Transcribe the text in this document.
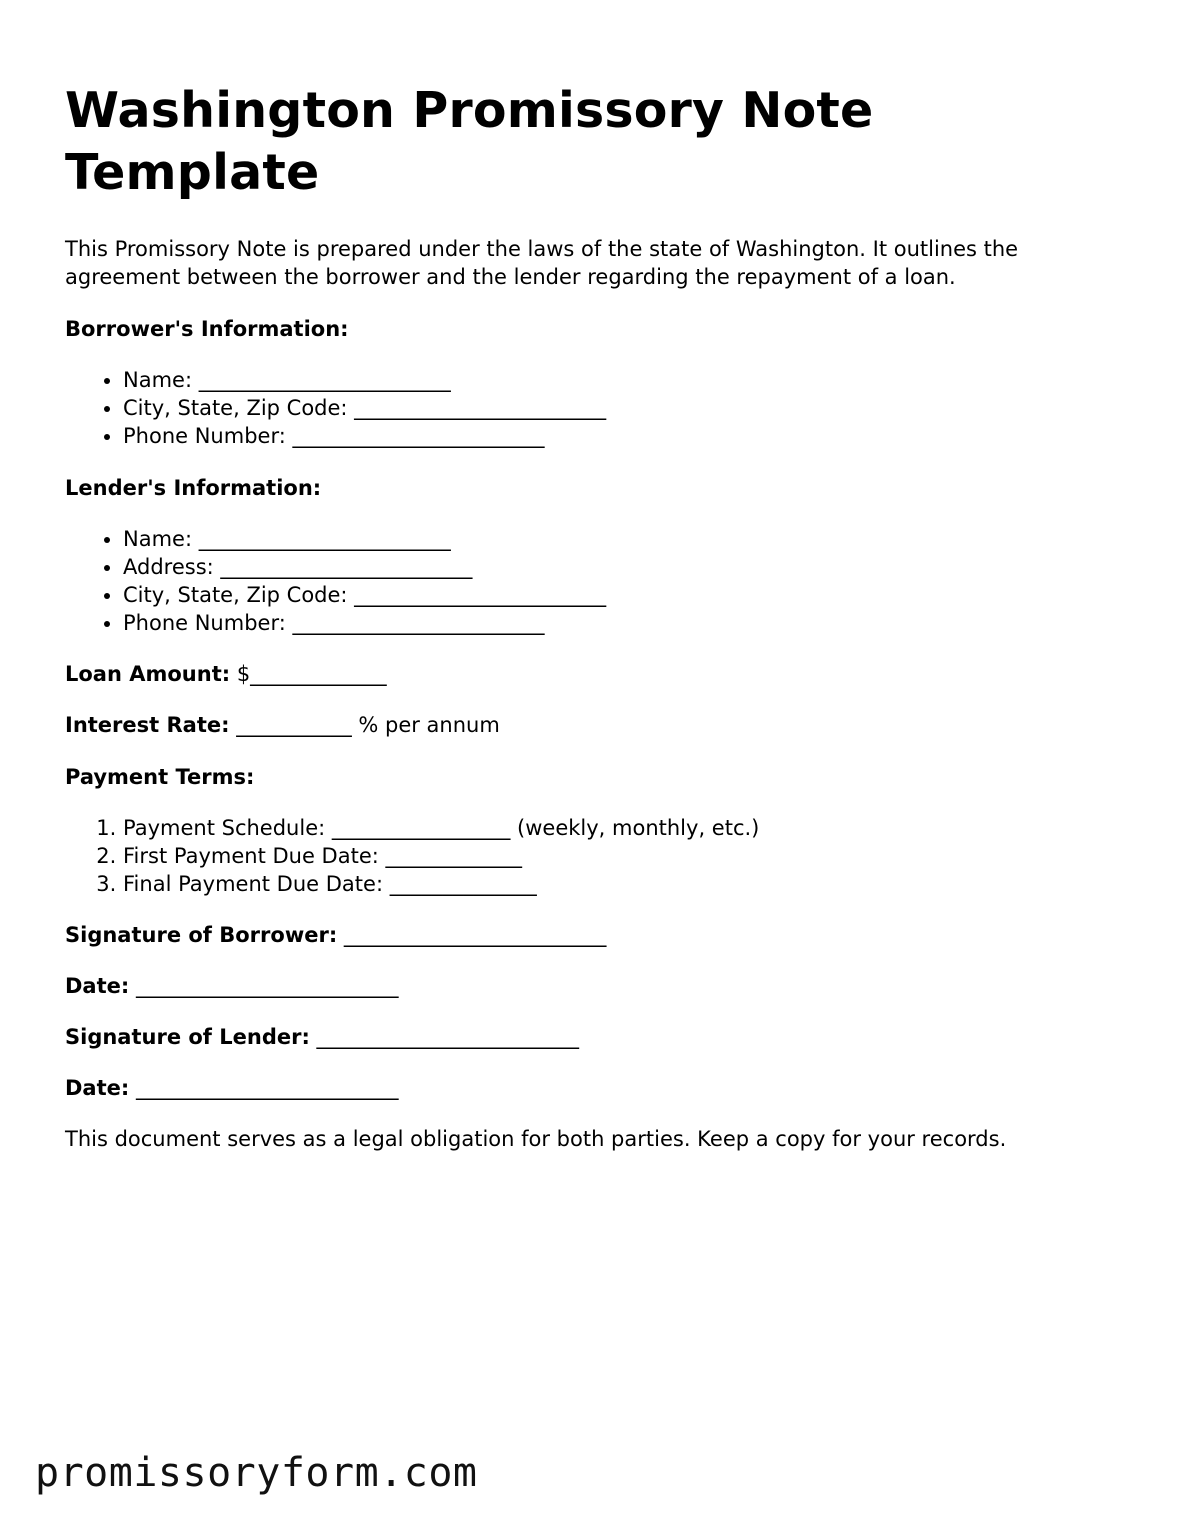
Washington Promissory Note Template

This Promissory Note is prepared under the laws of the state of Washington. It outlines the agreement between the borrower and the lender regarding the repayment of a loan.

Borrower's Information:

• Name: ________________________
• City, State, Zip Code: ________________________
• Phone Number: ________________________

Lender's Information:

• Name: ________________________
• Address: ________________________
• City, State, Zip Code: ________________________
• Phone Number: ________________________

Loan Amount: $_____________

Interest Rate: ___________ % per annum

Payment Terms:

1. Payment Schedule: _________________ (weekly, monthly, etc.)
2. First Payment Due Date: _____________
3. Final Payment Due Date: ______________

Signature of Borrower: _________________________

Date: _________________________

Signature of Lender: _________________________

Date: _________________________

This document serves as a legal obligation for both parties. Keep a copy for your records.

promissoryform.com
